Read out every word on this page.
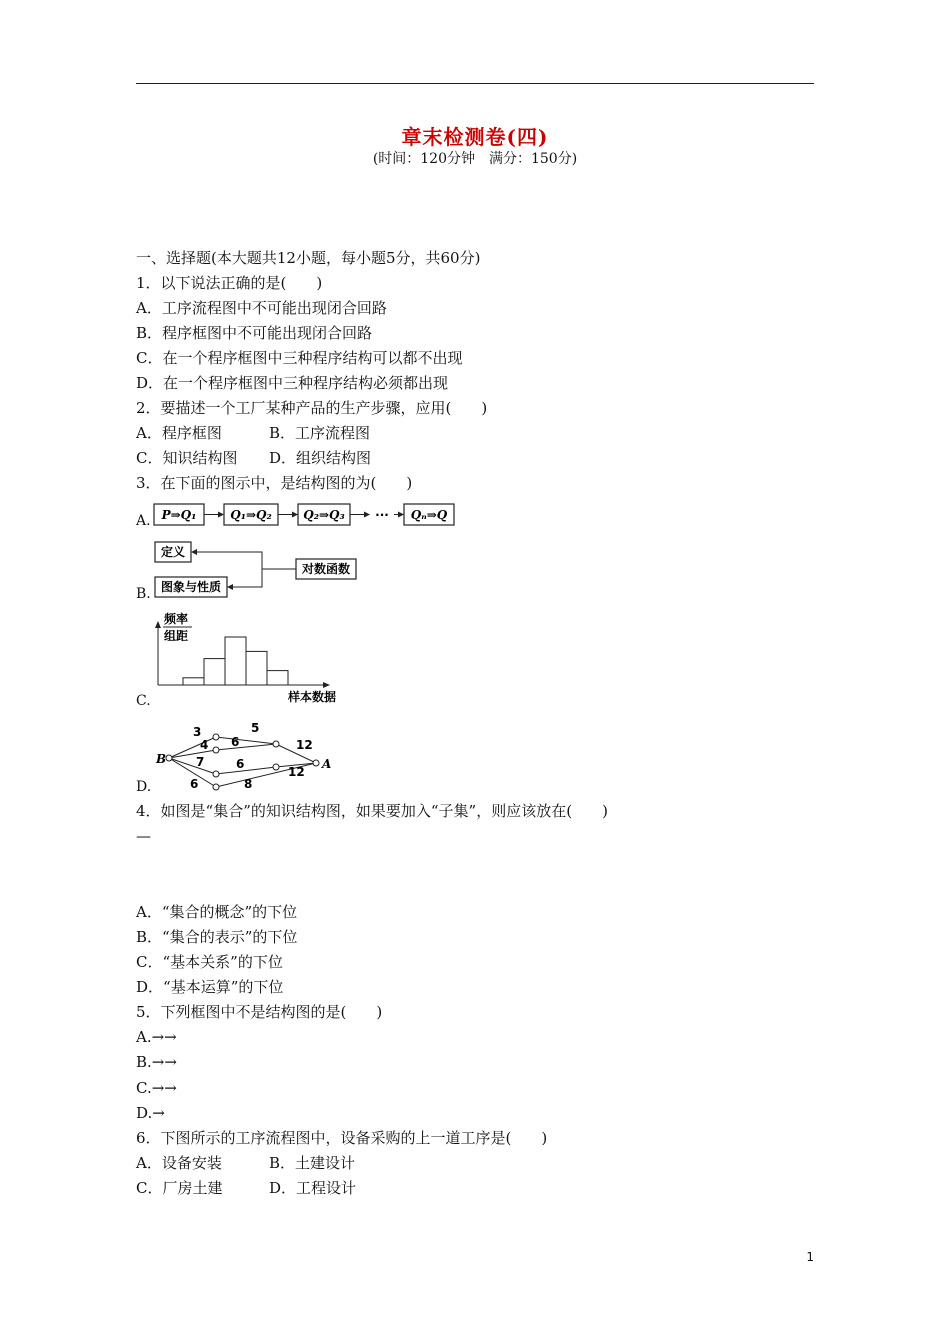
章末检测卷(四)
(时间：120分钟　满分：150分)
一、选择题(本大题共12小题，每小题5分，共60分)
1．以下说法正确的是(　　)
A．工序流程图中不可能出现闭合回路
B．程序框图中不可能出现闭合回路
C．在一个程序框图中三种程序结构可以都不出现
D．在一个程序框图中三种程序结构必须都出现
2．要描述一个工厂某种产品的生产步骤，应用(　　)
A．程序框图	B．工序流程图
C．知识结构图 D．组织结构图
3．在下面的图示中，是结构图的为(　　)
A. P⇒Q₁	Q₁⇒Q₂	Q₂⇒Q₃	··· Qₙ⇒Q
B.
定义
图象与性质
对数函数
C.
频率
组距
样本数据
D.
B	A
3	5
4 6	12
7	6
12
6	8
4．如图是“集合”的知识结构图，如果要加入“子集”，则应该放在(　　)
—
A．“集合的概念”的下位
B．“集合的表示”的下位
C．“基本关系”的下位
D．“基本运算”的下位
5．下列框图中不是结构图的是(　　)
A.→→
B.→→
C.→→
D.→
6．下图所示的工序流程图中，设备采购的上一道工序是(　　)
A．设备安装	B．土建设计
C．厂房土建	D．工程设计
1
